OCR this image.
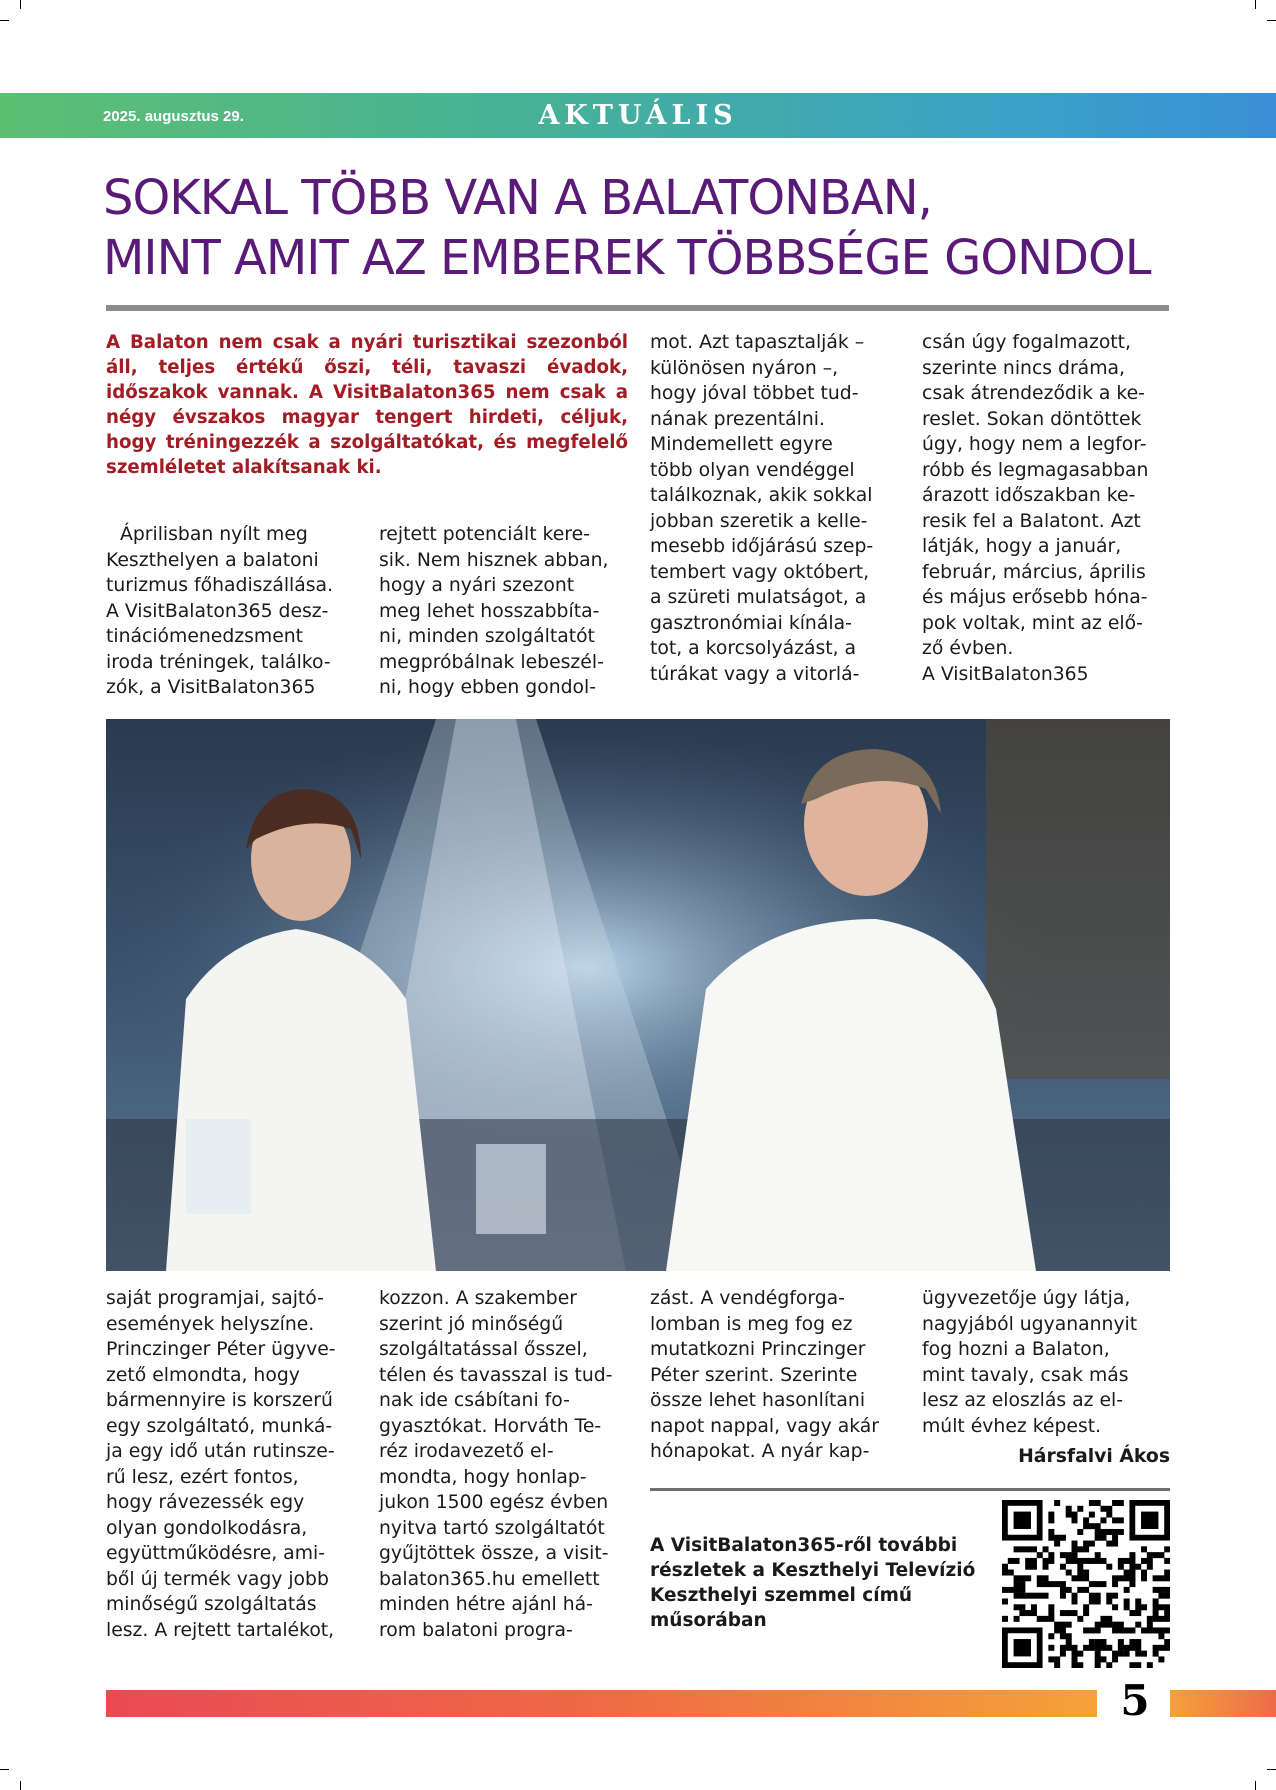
2025. augusztus 29.	AKTUÁLIS
SOKKAL TÖBB VAN A BALATONBAN,
MINT AMIT AZ EMBEREK TÖBBSÉGE GONDOL

A Balaton nem csak a nyári turisztikai szezonból áll, teljes értékű őszi, téli, tavaszi évadok, időszakok vannak. A VisitBalaton365 nem csak a négy évszakos magyar tengert hirdeti, céljuk, hogy tréningezzék a szolgáltatókat, és megfelelő szemléletet alakítsanak ki.

Áprilisban nyílt meg
Keszthelyen a balatoni
turizmus főhadiszállása.
A VisitBalaton365 desz-
tinációmenedzsment
iroda tréningek, találko-
zók, a VisitBalaton365

rejtett potenciált kere-
sik. Nem hisznek abban,
hogy a nyári szezont
meg lehet hosszabbíta-
ni, minden szolgáltatót
megpróbálnak lebeszél-
ni, hogy ebben gondol-

mot. Azt tapasztalják –
különösen nyáron –,
hogy jóval többet tud-
nának prezentálni.
Mindemellett egyre
több olyan vendéggel
találkoznak, akik sokkal
jobban szeretik a kelle-
mesebb időjárású szep-
tembert vagy októbert,
a szüreti mulatságot, a
gasztronómiai kínála-
tot, a korcsolyázást, a
túrákat vagy a vitorlá-

csán úgy fogalmazott,
szerinte nincs dráma,
csak átrendeződik a ke-
reslet. Sokan döntöttek
úgy, hogy nem a legfor-
róbb és legmagasabban
árazott időszakban ke-
resik fel a Balatont. Azt
látják, hogy a január,
február, március, április
és május erősebb hóna-
pok voltak, mint az elő-
ző évben.
A VisitBalaton365

saját programjai, sajtó-
események helyszíne.
Princzinger Péter ügyve-
zető elmondta, hogy
bármennyire is korszerű
egy szolgáltató, munká-
ja egy idő után rutinsze-
rű lesz, ezért fontos,
hogy rávezessék egy
olyan gondolkodásra,
együttműködésre, ami-
ből új termék vagy jobb
minőségű szolgáltatás
lesz. A rejtett tartalékot,

kozzon. A szakember
szerint jó minőségű
szolgáltatással ősszel,
télen és tavasszal is tud-
nak ide csábítani fo-
gyasztókat. Horváth Te-
réz irodavezető el-
mondta, hogy honlap-
jukon 1500 egész évben
nyitva tartó szolgáltatót
gyűjtöttek össze, a visit-
balaton365.hu emellett
minden hétre ajánl há-
rom balatoni progra-

zást. A vendégforga-
lomban is meg fog ez
mutatkozni Princzinger
Péter szerint. Szerinte
össze lehet hasonlítani
napot nappal, vagy akár
hónapokat. A nyár kap-

ügyvezetője úgy látja,
nagyjából ugyanannyit
fog hozni a Balaton,
mint tavaly, csak más
lesz az eloszlás az el-
múlt évhez képest.

Hársfalvi Ákos

A VisitBalaton365-ről további részletek a Keszthelyi Televízió Keszthelyi szemmel című műsorában

5
